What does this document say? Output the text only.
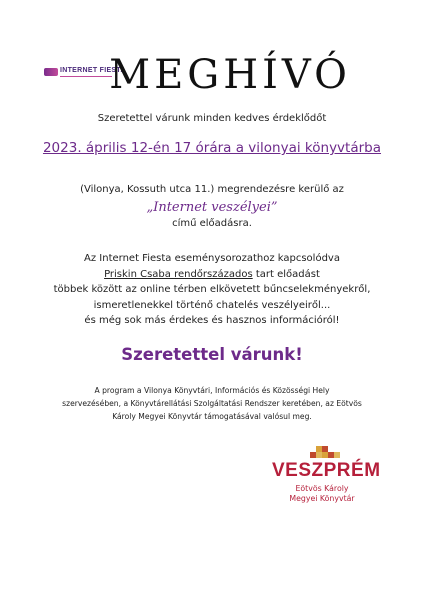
INTERNET FIESTA
MEGHÍVÓ
Szeretettel várunk minden kedves érdeklődőt
2023. április 12-én 17 órára a vilonyai könyvtárba
(Vilonya, Kossuth utca 11.) megrendezésre kerülő az
„Internet veszélyei”
című előadásra.
Az Internet Fiesta eseménysorozathoz kapcsolódva
Priskin Csaba rendőrszázados tart előadást
többek között az online térben elkövetett bűncselekményekről,
ismeretlenekkel történő chatelés veszélyeiről...
és még sok más érdekes és hasznos információról!
Szeretettel várunk!
A program a Vilonya Könyvtári, Információs és Közösségi Hely
szervezésében, a Könyvtárellátási Szolgáltatási Rendszer keretében, az Eötvös
Károly Megyei Könyvtár támogatásával valósul meg.
VESZPRÉM
Eötvös Károly
Megyei Könyvtár
